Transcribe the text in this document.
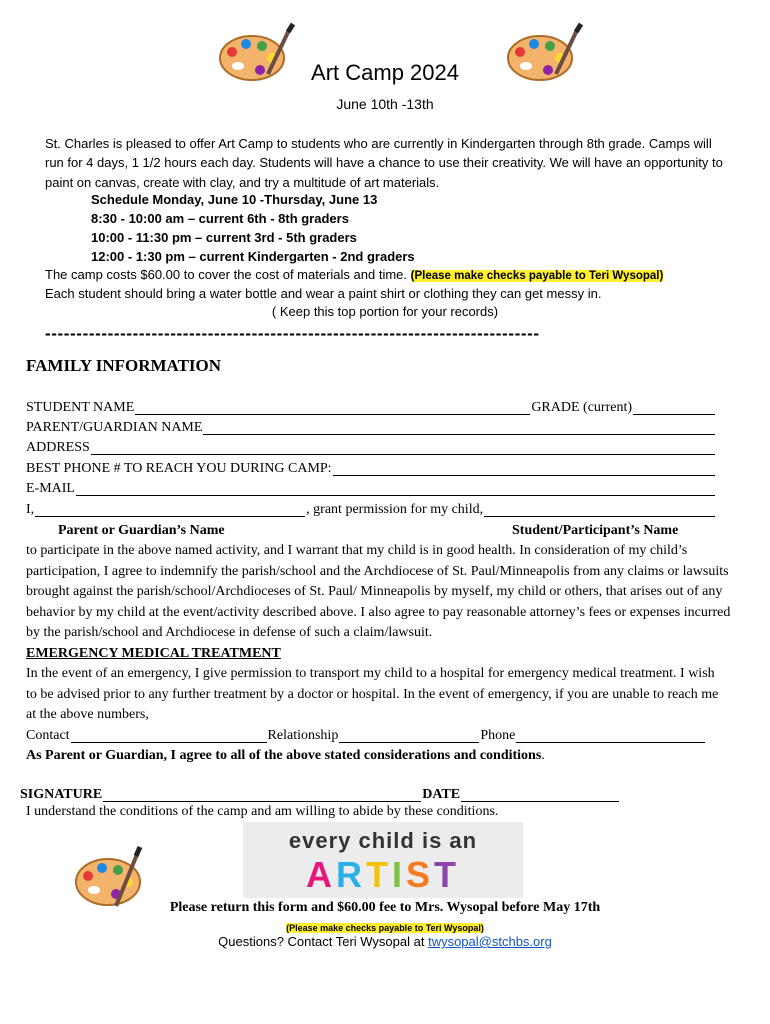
Art Camp 2024
June 10th -13th
St. Charles is pleased to offer Art Camp to students who are currently in Kindergarten through 8th grade. Camps will run for 4 days, 1 1/2 hours each day. Students will have a chance to use their creativity. We will have an opportunity to paint on canvas, create with clay, and try a multitude of art materials.
Schedule Monday, June 10 -Thursday, June 13
8:30 - 10:00 am – current 6th - 8th graders
10:00 - 11:30 pm – current 3rd - 5th graders
12:00 - 1:30 pm – current Kindergarten - 2nd graders
The camp costs $60.00 to cover the cost of materials and time. (Please make checks payable to Teri Wysopal)
Each student should bring a water bottle and wear a paint shirt or clothing they can get messy in.
( Keep this top portion for your records)
-------------------------------------------------------------------------------
FAMILY INFORMATION
STUDENT NAME	GRADE (current)
PARENT/GUARDIAN NAME
ADDRESS
BEST PHONE # TO REACH YOU DURING CAMP:
E-MAIL
I,	, grant permission for my child,
Parent or Guardian’s Name	Student/Participant’s Name
to participate in the above named activity, and I warrant that my child is in good health. In consideration of my child’s participation, I agree to indemnify the parish/school and the Archdiocese of St. Paul/Minneapolis from any claims or lawsuits brought against the parish/school/Archdioceses of St. Paul/ Minneapolis by myself, my child or others, that arises out of any behavior by my child at the event/activity described above. I also agree to pay reasonable attorney’s fees or expenses incurred by the parish/school and Archdiocese in defense of such a claim/lawsuit.
EMERGENCY MEDICAL TREATMENT
In the event of an emergency, I give permission to transport my child to a hospital for emergency medical treatment. I wish to be advised prior to any further treatment by a doctor or hospital. In the event of emergency, if you are unable to reach me at the above numbers,
Contact	Relationship	Phone
As Parent or Guardian, I agree to all of the above stated considerations and conditions.
SIGNATURE	DATE
I understand the conditions of the camp and am willing to abide by these conditions.
every child is an
ARTIST
Please return this form and $60.00 fee to Mrs. Wysopal before May 17th
(Please make checks payable to Teri Wysopal)
Questions? Contact Teri Wysopal at twysopal@stchbs.org
